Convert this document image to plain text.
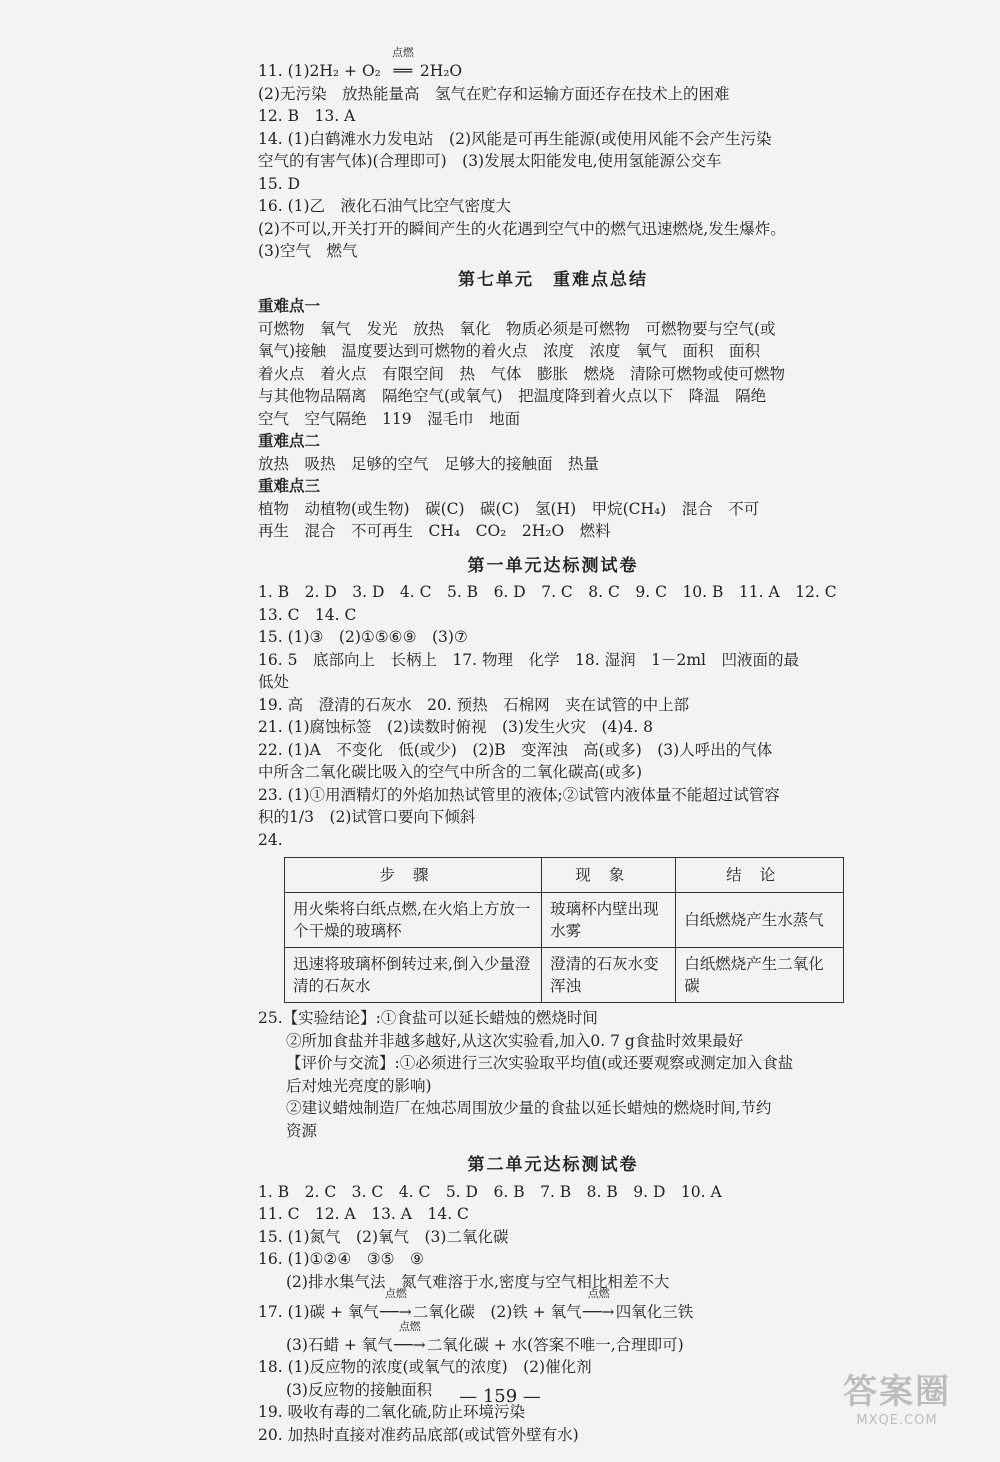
11. (1)2H₂ + O₂
点燃
══ 2H₂O
(2)无污染　放热能量高　氢气在贮存和运输方面还存在技术上的困难
12. B　13. A
14. (1)白鹤滩水力发电站　(2)风能是可再生能源(或使用风能不会产生污染
空气的有害气体)(合理即可)　(3)发展太阳能发电,使用氢能源公交车
15. D
16. (1)乙　液化石油气比空气密度大
(2)不可以,开关打开的瞬间产生的火花遇到空气中的燃气迅速燃烧,发生爆炸。
(3)空气　燃气
第七单元　重难点总结
重难点一
可燃物　氧气　发光　放热　氧化　物质必须是可燃物　可燃物要与空气(或
氧气)接触　温度要达到可燃物的着火点　浓度　浓度　氧气　面积　面积
着火点　着火点　有限空间　热　气体　膨胀　燃烧　清除可燃物或使可燃物
与其他物品隔离　隔绝空气(或氧气)　把温度降到着火点以下　降温　隔绝
空气　空气隔绝　119　湿毛巾　地面
重难点二
放热　吸热　足够的空气　足够大的接触面　热量
重难点三
植物　动植物(或生物)　碳(C)　碳(C)　氢(H)　甲烷(CH₄)　混合　不可
再生　混合　不可再生　CH₄　CO₂　2H₂O　燃料
第一单元达标测试卷
1. B　2. D　3. D　4. C　5. B　6. D　7. C　8. C　9. C　10. B　11. A　12. C
13. C　14. C
15. (1)③　(2)①⑤⑥⑨　(3)⑦
16. 5　底部向上　长柄上　17. 物理　化学　18. 湿润　1－2ml　凹液面的最
低处
19. 高　澄清的石灰水　20. 预热　石棉网　夹在试管的中上部
21. (1)腐蚀标签　(2)读数时俯视　(3)发生火灾　(4)4. 8
22. (1)A　不变化　低(或少)　(2)B　变浑浊　高(或多)　(3)人呼出的气体
中所含二氧化碳比吸入的空气中所含的二氧化碳高(或多)
23. (1)①用酒精灯的外焰加热试管里的液体;②试管内液体量不能超过试管容
积的1/3　(2)试管口要向下倾斜
24.
步骤	现象	结论
用火柴将白纸点燃,在火焰上方放一个干燥的玻璃杯	玻璃杯内壁出现水雾	白纸燃烧产生水蒸气
迅速将玻璃杯倒转过来,倒入少量澄清的石灰水	澄清的石灰水变浑浊	白纸燃烧产生二氧化碳
25.【实验结论】:①食盐可以延长蜡烛的燃烧时间
②所加食盐并非越多越好,从这次实验看,加入0. 7 g食盐时效果最好
【评价与交流】:①必须进行三次实验取平均值(或还要观察或测定加入食盐
后对烛光亮度的影响)
②建议蜡烛制造厂在烛芯周围放少量的食盐以延长蜡烛的燃烧时间,节约
资源
第二单元达标测试卷
1. B　2. C　3. C　4. C　5. D　6. B　7. B　8. B　9. D　10. A
11. C　12. A　13. A　14. C
15. (1)氮气　(2)氧气　(3)二氧化碳
16. (1)①②④　③⑤　⑨
(2)排水集气法　氮气难溶于水,密度与空气相比相差不大
17. (1)碳 + 氧气
点燃
──→二氧化碳　(2)铁 + 氧气
点燃
──→四氧化三铁
(3)石蜡 + 氧气
点燃
──→二氧化碳 + 水(答案不唯一,合理即可)
18. (1)反应物的浓度(或氧气的浓度)　(2)催化剂
(3)反应物的接触面积
19. 吸收有毒的二氧化硫,防止环境污染
20. 加热时直接对准药品底部(或试管外壁有水)
— 159 —	答案圈
MXQE.COM
